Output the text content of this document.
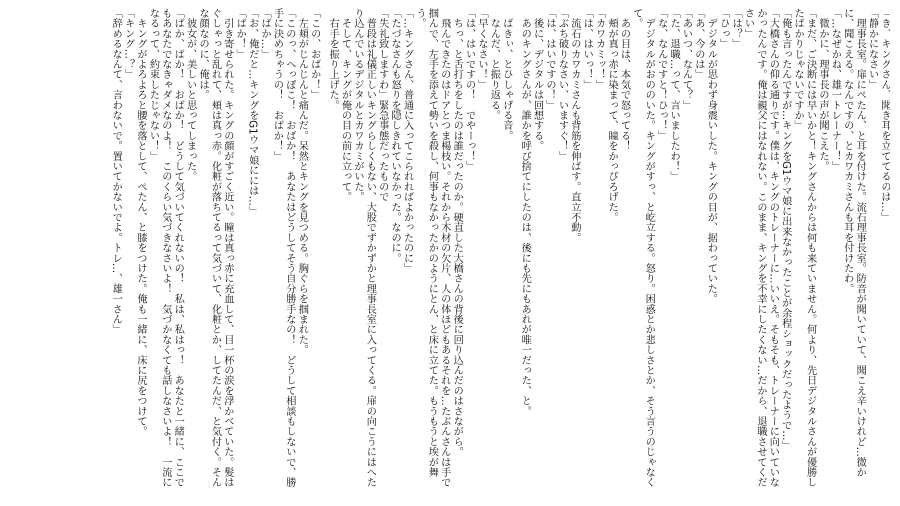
「き、キングさん、聞き耳を立ててるのは…」

「静かになさい」

　理事長室。扉にぺたん、と耳を付けた。流石理事長室。防音が聞いていて、聞こえ辛いけれど…微かに、聞こえる。なんですの、とカワカミさんも耳を付けたわ。

「…なぜかね、雄一トレーナー！」

　微かに、理事長の声が聞こえた。

「まだ、ご決断には早いかと！キングさんからは何も来ていません。何より、先日デジタルさんが優勝したばかりじゃないですか」

「俺も言ったんですが…キングをG1ウマ娘に出来なかったことが余程ショックだったようで…」

「大橋さんの仰る通りです。僕は、キングのトレーナーに…いいえ。そもそも、トレーナーに向いていなかったんです。俺は親父にはなれない。このまま、キングを不幸にしたくない…だから、退職させてください」

「は？」

「ひっ」

　デジタルが思わず身震いした。キングの目が、据わっていた。

「あ、今のは」

「あいつ、なんて？」

「た、退職…って、言いましたわ！」

「な、なんですと！ひっ！」

　デジタルがおののいた。キングがすっ、と屹立する。怒り。困惑とか悲しさとか、そう言うのじゃなくて。

　あの目は、本気で怒ってる！

　頬が真っ赤に染まって、瞳をかっぴろげた。

「カワカミッ！」

「は、はいっ！」

　流石のカワカミさんも背筋を伸ばす。直立不動。

「ぶち破りなさい、いますぐ！」

「は、はいですの！」

　後に、デジタルは回想する。

　あのキングさんが、誰かを呼び捨てにしたのは、後にも先にもあれが唯一だった、と。

　ばきぃ、とひしゃげる音。

　なんだ、と振り返る。

「早くなさい！」

「は、はいですの！　でやーっ！」

　ちっ、と舌打ちをしたのは誰だったのか。硬直した大橋さんの背後に回り込んだのはさながら。

　飛んできたのはドアとつま楊枝い。それから木材の欠片、人の体ほどもあるそれを…たぶんさんは手で掴んで、左手を添えて勢いを殺し、何事もなかったかのようにとん、と床に立てた。もうもうと埃が舞う。

「…キングさん、普通に入ってこられればよかったのに」

「たづなさんも怒りを隠しきれていなかった。なのに。

「失礼致しますわ」緊急事態だったもので

　普段は礼儀正しいキングらしくもない、大股でずかずかと理事長室に入ってくる。扉の向こうにはへたり込んでいるデジタルとカワカミがいた。

　そして、キングが俺の目の前に立って。

　右手を振り上げた。

「この、おばか！」

　左頬がじんじんと痛んだ。呆然とキングを見つめる。胸ぐらを掴まれた。

「このっ、へっぽこ！　おばか！　あなたはどうしてそう自分勝手なの！　どうして相談もしないで、勝手に決めちゃうの！　おばか！」

「ばか…」

「お、俺だと…キングをG1ウマ娘にには…」

「ばか！」

　引き寄せられた。キングの顔がすごく近い。瞳は真っ赤に充血して、目一杯の涙を浮かべていた。髪はぐしゃっと乱れて、頬は真っ赤。化粧が落ちてるって気づいて、化粧とか、してたんだ、と気付く。そんな顔なのに、俺は。

　彼女が、美しいと思ってしまった。

「ばか、ばか！　おばか！　どうして気づいてくれないの！　私は、私はっ！　あなたと一緒に、ここでもあなたでなきゃダメなのよ！　このくらい気づきなさいよ！　気づかなくても話しなさいよ！　一流になるって、約束したじゃない！」

　キングがよろよろと腰を落として、ぺたん、と膝をつけた。俺も一緒に、床に尻をつけて。

「キング…？」

「辞めるなんて、言わないで。置いてかないでよ。トレ…、雄一さん」
